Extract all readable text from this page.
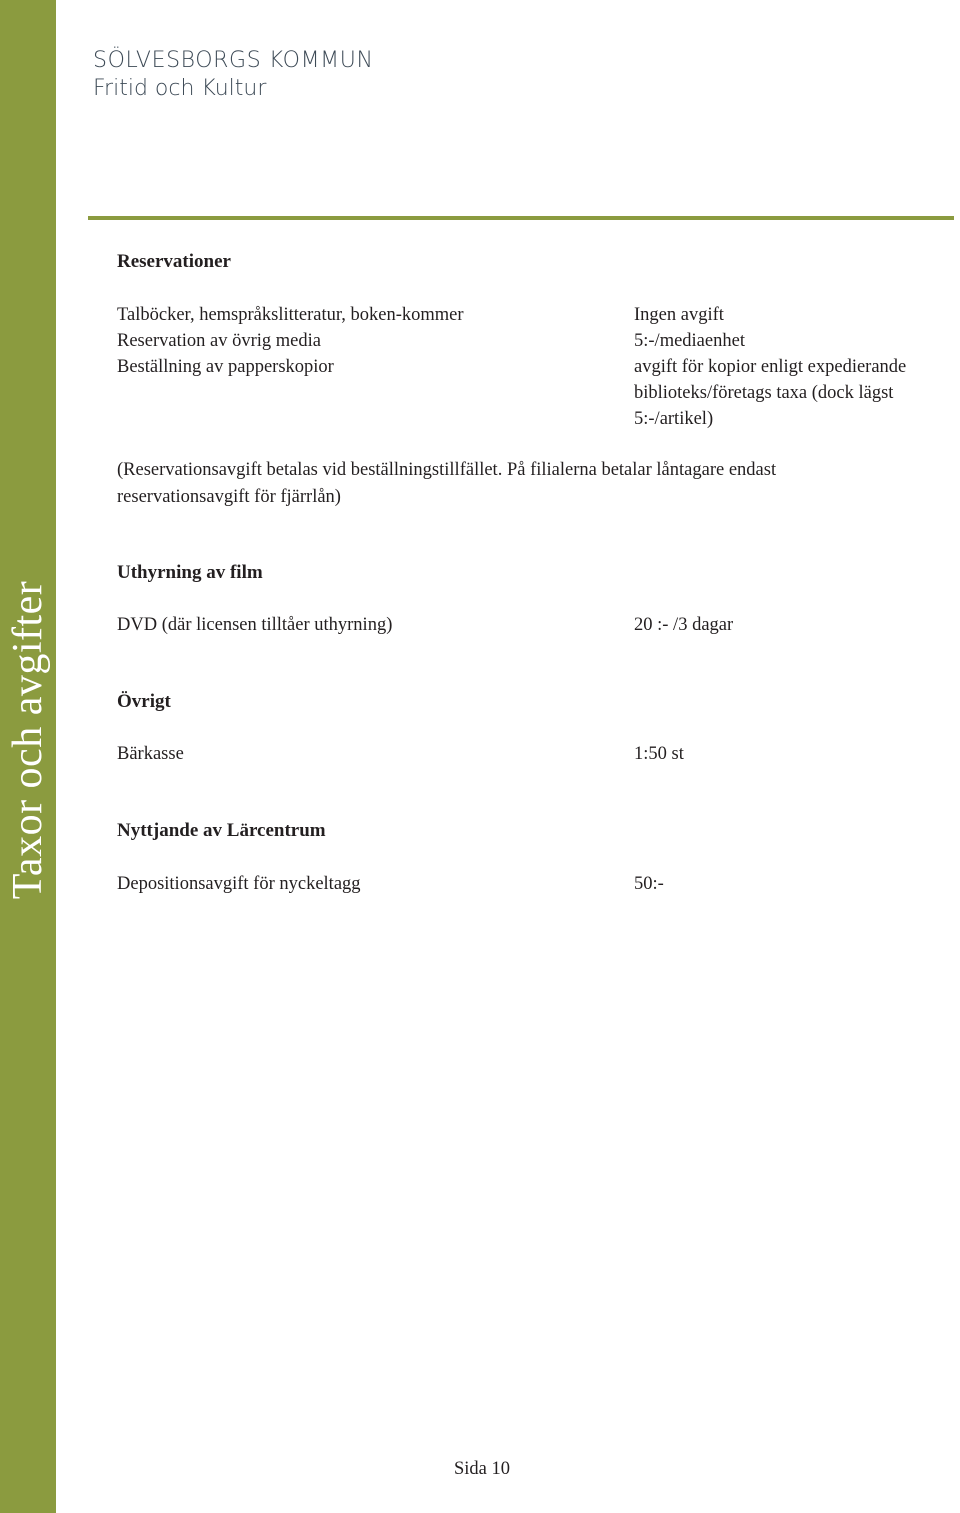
Taxor och avgifter
SÖLVESBORGS KOMMUN
Fritid och Kultur
Reservationer
Talböcker, hemspråkslitteratur, boken-kommer	Ingen avgift
Reservation av övrig media	5:-/mediaenhet
Beställning av papperskopior	avgift för kopior enligt expedierande
biblioteks/företags taxa (dock lägst
5:-/artikel)
(Reservationsavgift betalas vid beställningstillfället. På filialerna betalar låntagare endast
reservationsavgift för fjärrlån)
Uthyrning av film
DVD (där licensen tilltåer uthyrning)	20 :- /3 dagar
Övrigt
Bärkasse	1:50 st
Nyttjande av Lärcentrum
Depositionsavgift för nyckeltagg	50:-
Sida 10
